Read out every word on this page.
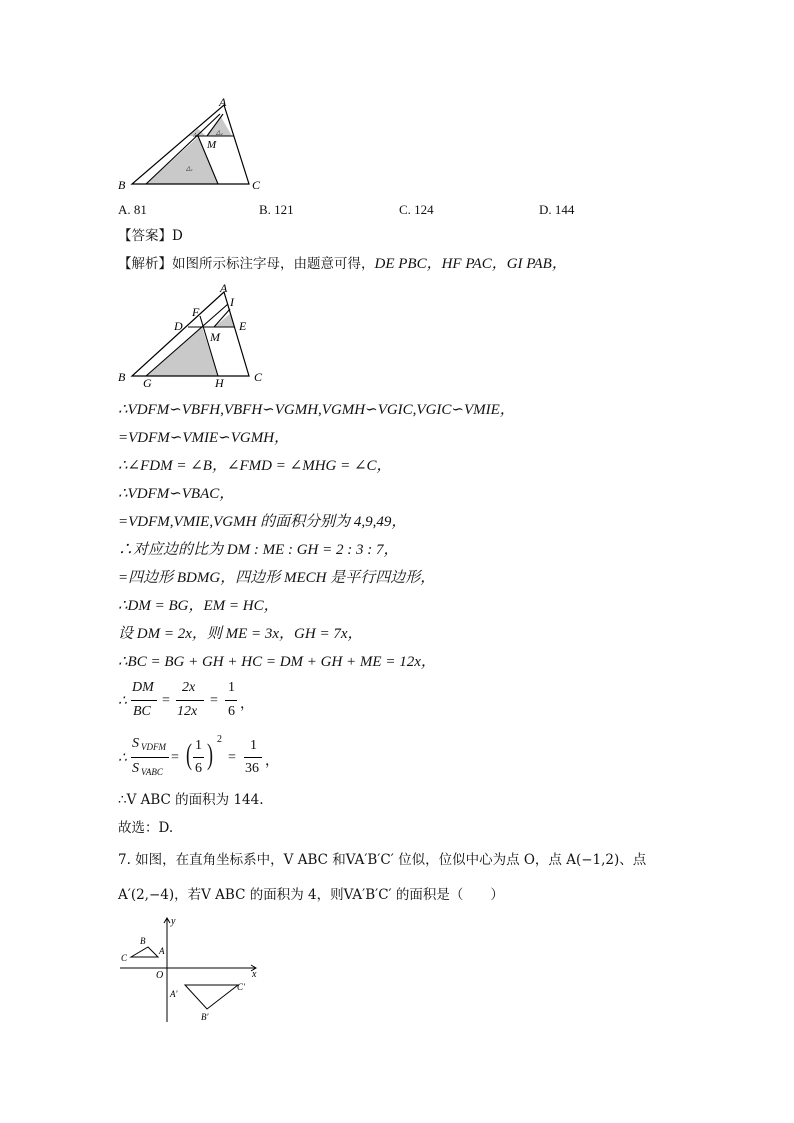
A
B	C
M
△₁
△₂
△₃
A. 81	B. 121	C. 124	D. 144
【答案】D
【解析】如图所示标注字母，由题意可得，DE PBC，HF PAC，GI PAB，
A
I
F
D	E
M
B G	H	C
∴VDFM∽VBFH,VBFH∽VGMH,VGMH∽VGIC,VGIC∽VMIE，
=VDFM∽VMIE∽VGMH，
∴∠FDM = ∠B，∠FMD = ∠MHG = ∠C，
∴VDFM∽VBAC，
=VDFM,VMIE,VGMH 的面积分别为 4,9,49，
∴对应边的比为 DM : ME : GH = 2 : 3 : 7，
=四边形 BDMG，四边形 MECH 是平行四边形，
∴DM = BG，EM = HC，
设 DM = 2x，则 ME = 3x，GH = 7x，
∴BC = BG + GH + HC = DM + GH + ME = 12x，
∴
DM
BC
=
2x
12x
=
1
6 ，
∴
S VDFM
S VABC
= ( 1
6 ) 2
=
1
36 ，
∴V ABC 的面积为 144.
故选：D.
7. 如图，在直角坐标系中，V ABC 和VA′B′C′ 位似，位似中心为点 O，点 A(−1,2)、点
A′(2,−4)，若V ABC 的面积为 4，则VA′B′C′ 的面积是（　　）
y
x
O
A
B
C
A′
B′
C′
